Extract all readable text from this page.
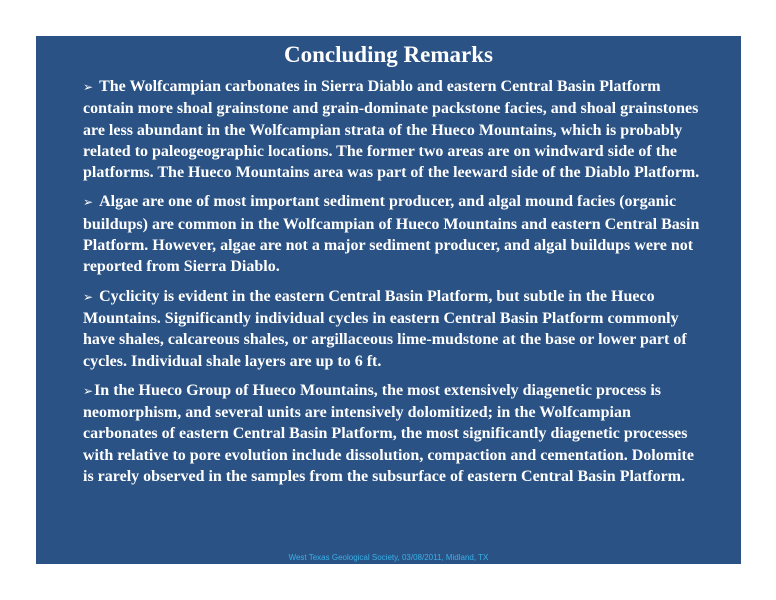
Concluding Remarks
➢ The Wolfcampian carbonates in Sierra Diablo and eastern Central Basin Platform contain more shoal grainstone and grain-dominate packstone facies, and shoal grainstones are less abundant in the Wolfcampian strata of the Hueco Mountains, which is probably related to paleogeographic locations. The former two areas are on windward side of the platforms. The Hueco Mountains area was part of the leeward side of the Diablo Platform.
➢ Algae are one of most important sediment producer, and algal mound facies (organic buildups) are common in the Wolfcampian of Hueco Mountains and eastern Central Basin Platform. However, algae are not a major sediment producer, and algal buildups were not reported from Sierra Diablo.
➢ Cyclicity is evident in the eastern Central Basin Platform, but subtle in the Hueco Mountains. Significantly individual cycles in eastern Central Basin Platform commonly have shales, calcareous shales, or argillaceous lime-mudstone at the base or lower part of cycles. Individual shale layers are up to 6 ft.
➢In the Hueco Group of Hueco Mountains, the most extensively diagenetic process is neomorphism, and several units are intensively dolomitized; in the Wolfcampian carbonates of eastern Central Basin Platform, the most significantly diagenetic processes with relative to pore evolution include dissolution, compaction and cementation. Dolomite is rarely observed in the samples from the subsurface of eastern Central Basin Platform.
West Texas Geological Society, 03/08/2011, Midland, TX
